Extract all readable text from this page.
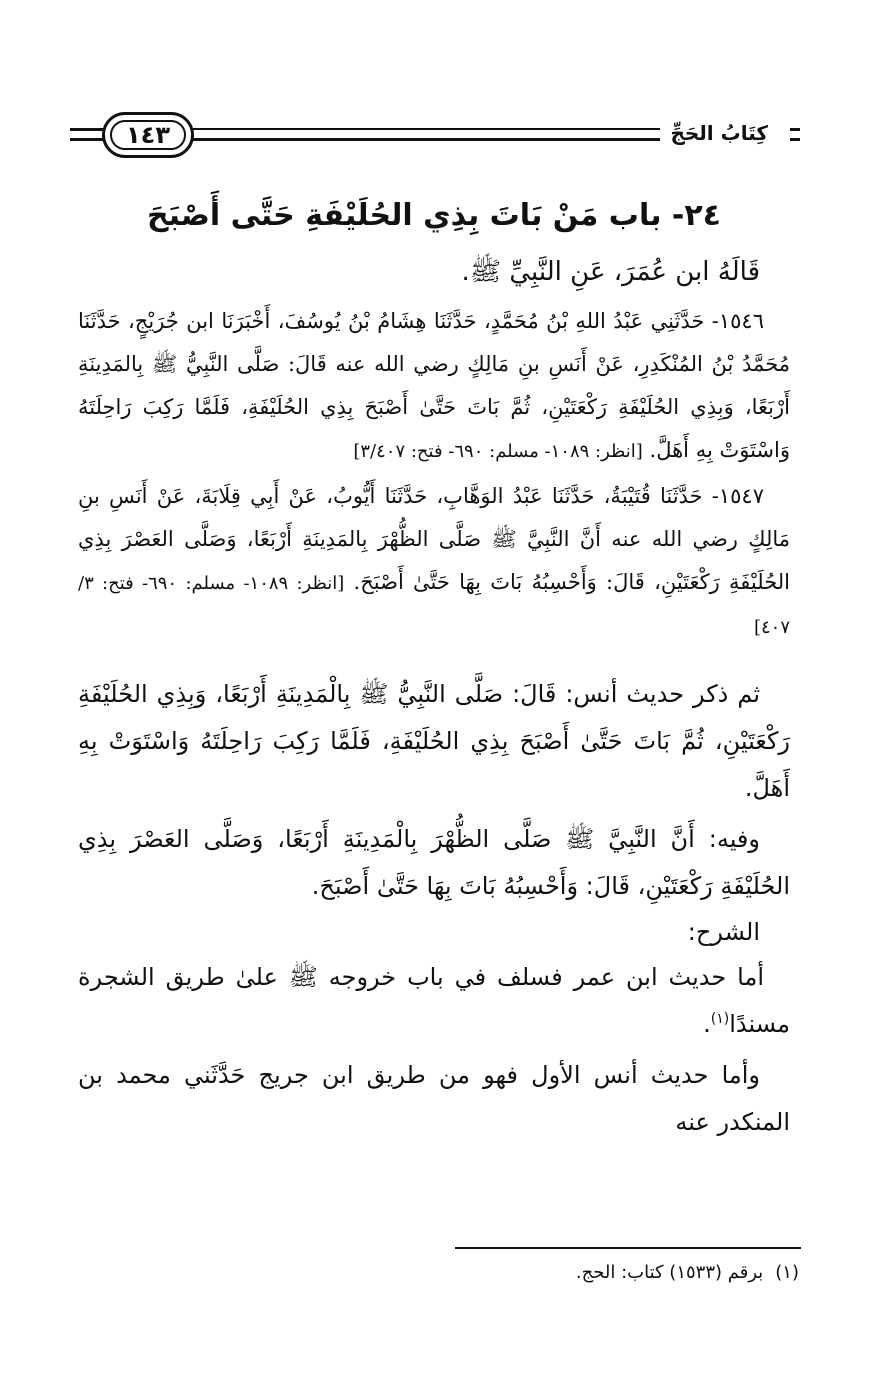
١٤٣	كِتَابُ الحَجِّ
٢٤- باب مَنْ بَاتَ بِذِي الحُلَيْفَةِ حَتَّى أَصْبَحَ
قَالَهُ ابن عُمَرَ، عَنِ النَّبِيِّ ﷺ.

١٥٤٦- حَدَّثَنِي عَبْدُ اللهِ بْنُ مُحَمَّدٍ، حَدَّثَنَا هِشَامُ بْنُ يُوسُفَ، أَخْبَرَنَا ابن جُرَيْجٍ، حَدَّثَنَا مُحَمَّدُ بْنُ المُنْكَدِرِ، عَنْ أَنَسِ بنِ مَالِكٍ رضي الله عنه قَالَ: صَلَّى النَّبِيُّ ﷺ بِالمَدِينَةِ أَرْبَعًا، وَبِذِي الحُلَيْفَةِ رَكْعَتَيْنِ، ثُمَّ بَاتَ حَتَّىٰ أَصْبَحَ بِذِي الحُلَيْفَةِ، فَلَمَّا رَكِبَ رَاحِلَتَهُ وَاسْتَوَتْ بِهِ أَهَلَّ. [انظر: ١٠٨٩- مسلم: ٦٩٠- فتح: ٣/٤٠٧]

١٥٤٧- حَدَّثَنَا قُتَيْبَةُ، حَدَّثَنَا عَبْدُ الوَهَّابِ، حَدَّثَنَا أَيُّوبُ، عَنْ أَبِي قِلَابَةَ، عَنْ أَنَسِ بنِ مَالِكٍ رضي الله عنه أَنَّ النَّبِيَّ ﷺ صَلَّى الظُّهْرَ بِالمَدِينَةِ أَرْبَعًا، وَصَلَّى العَصْرَ بِذِي الحُلَيْفَةِ رَكْعَتَيْنِ، قَالَ: وَأَحْسِبُهُ بَاتَ بِهَا حَتَّىٰ أَصْبَحَ. [انظر: ١٠٨٩- مسلم: ٦٩٠- فتح: ٣/ ٤٠٧]

ثم ذكر حديث أنس: قَالَ: صَلَّى النَّبِيُّ ﷺ بِالْمَدِينَةِ أَرْبَعًا، وَبِذِي الحُلَيْفَةِ رَكْعَتَيْنِ، ثُمَّ بَاتَ حَتَّىٰ أَصْبَحَ بِذِي الحُلَيْفَةِ، فَلَمَّا رَكِبَ رَاحِلَتَهُ وَاسْتَوَتْ بِهِ أَهَلَّ.

وفيه: أَنَّ النَّبِيَّ ﷺ صَلَّى الظُّهْرَ بِالْمَدِينَةِ أَرْبَعًا، وَصَلَّى العَصْرَ بِذِي الحُلَيْفَةِ رَكْعَتَيْنِ، قَالَ: وَأَحْسِبُهُ بَاتَ بِهَا حَتَّىٰ أَصْبَحَ.

الشرح:

أما حديث ابن عمر فسلف في باب خروجه ﷺ علىٰ طريق الشجرة مسندًا$^{(١)}$.

وأما حديث أنس الأول فهو من طريق ابن جريج حَدَّثَني محمد بن المنكدر عنه

(١)برقم (١٥٣٣) كتاب: الحج.
